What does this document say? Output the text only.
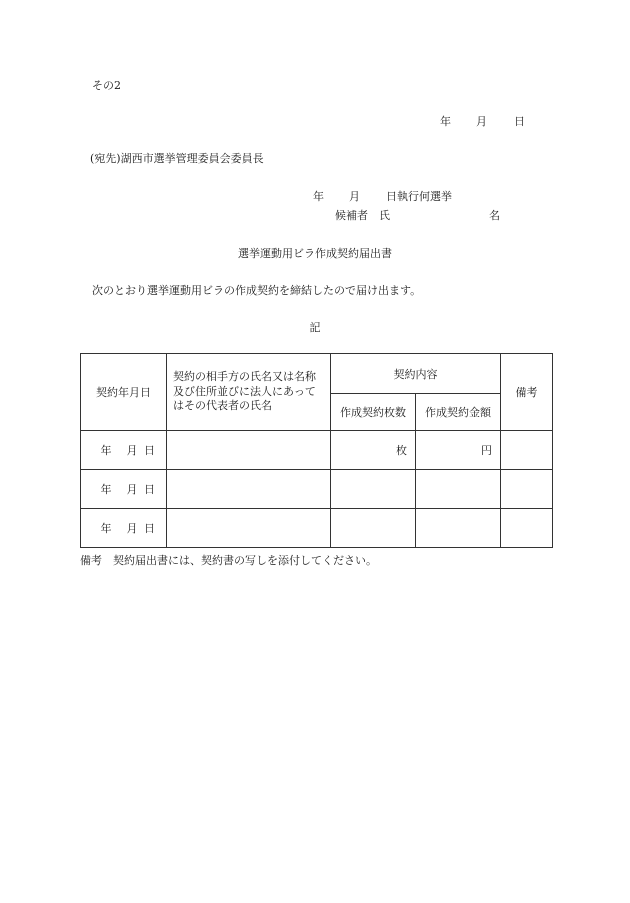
その2
年 月 日
(宛先)湖西市選挙管理委員会委員長
年 月 日執行何選挙
候補者　氏	名
選挙運動用ビラ作成契約届出書
次のとおり選挙運動用ビラの作成契約を締結したので届け出ます。
記
契約年月日	契約の相手方の氏名又は名称及び住所並びに法人にあってはその代表者の氏名	契約内容		備考
		作成契約枚数	作成契約金額	
年 月 日		枚	円	
年 月 日				
年 月 日				
備考　契約届出書には、契約書の写しを添付してください。
